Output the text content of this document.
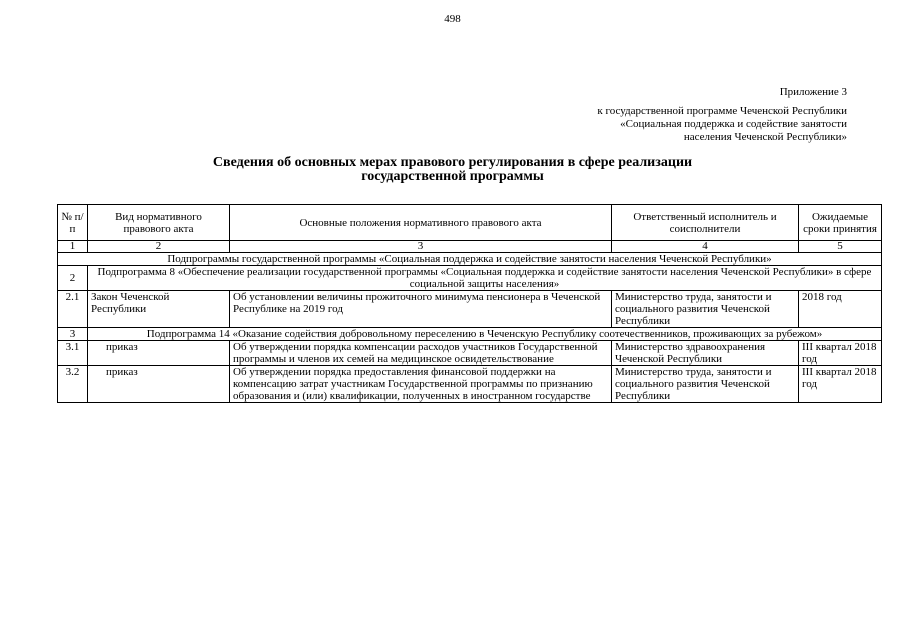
498
Приложение 3
к государственной программе Чеченской Республики
«Социальная поддержка и содействие занятости
населения Чеченской Республики»
Сведения об основных мерах правового регулирования в сфере реализации
государственной программы
№ п/п	Вид нормативного правового акта	Основные положения нормативного правового акта	Ответственный исполнитель и соисполнители	Ожидаемые сроки принятия
1	2	3	4	5
Подпрограммы государственной программы «Социальная поддержка и содействие занятости населения Чеченской Республики»				
2	Подпрограмма 8 «Обеспечение реализации государственной программы «Социальная поддержка и содействие занятости населения Чеченской Республики» в сфере социальной защиты населения»			
2.1	Закон Чеченской Республики	Об установлении величины прожиточного минимума пенсионера в Чеченской Республике на 2019 год	Министерство труда, занятости и социального развития Чеченской Республики	2018 год
3	Подпрограмма 14 «Оказание содействия добровольному переселению в Чеченскую Республику соотечественников, проживающих за рубежом»			
3.1	приказ	Об утверждении порядка компенсации расходов участников Государственной программы и членов их семей на медицинское освидетельствование	Министерство здравоохранения Чеченской Республики	III квартал 2018 год
3.2	приказ	Об утверждении порядка предоставления финансовой поддержки на компенсацию затрат участникам Государственной программы по признанию образования и (или) квалификации, полученных в иностранном государстве	Министерство труда, занятости и социального развития Чеченской Республики	III квартал 2018 год
